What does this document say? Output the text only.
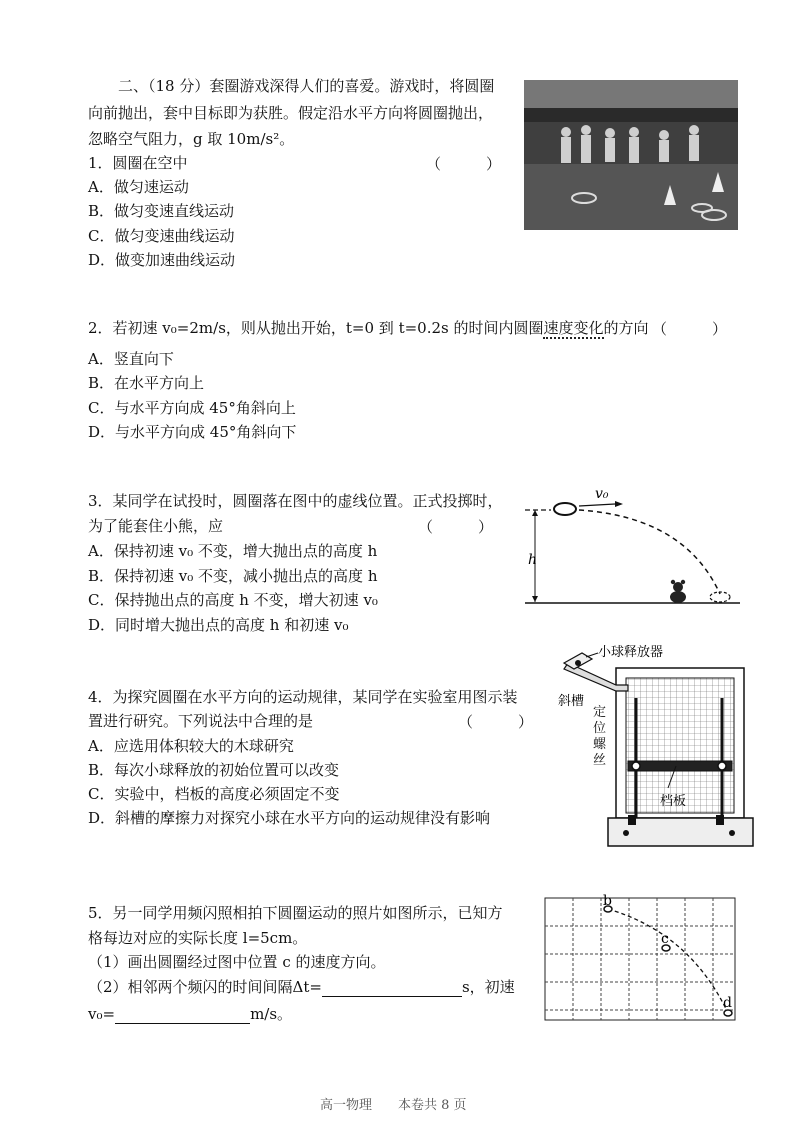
二、（18 分）套圈游戏深得人们的喜爱。游戏时，将圆圈
向前抛出，套中目标即为获胜。假定沿水平方向将圆圈抛出，
忽略空气阻力，g 取 10m/s²。
1．圆圈在空中	（　　　）
A．做匀速运动
B．做匀变速直线运动
C．做匀变速曲线运动
D．做变加速曲线运动
2．若初速 v₀=2m/s，则从抛出开始，t=0 到 t=0.2s 的时间内圆圈速度变化的方向 （　　　）
A．竖直向下
B．在水平方向上
C．与水平方向成 45°角斜向上
D．与水平方向成 45°角斜向下
3．某同学在试投时，圆圈落在图中的虚线位置。正式投掷时，
为了能套住小熊，应	（　　　）
A．保持初速 v₀ 不变，增大抛出点的高度 h
B．保持初速 v₀ 不变，减小抛出点的高度 h
C．保持抛出点的高度 h 不变，增大初速 v₀
D．同时增大抛出点的高度 h 和初速 v₀
v₀
h
4．为探究圆圈在水平方向的运动规律，某同学在实验室用图示装
置进行研究。下列说法中合理的是	（　　　）
A．应选用体积较大的木球研究
B．每次小球释放的初始位置可以改变
C．实验中，档板的高度必须固定不变
D．斜槽的摩擦力对探究小球在水平方向的运动规律没有影响
小球释放器
斜槽
档板
定位螺丝
5．另一同学用频闪照相拍下圆圈运动的照片如图所示，已知方
格每边对应的实际长度 l=5cm。
（1）画出圆圈经过图中位置 c 的速度方向。
（2）相邻两个频闪的时间间隔Δt=	s，初速
v₀=	m/s。
b
c
d
高一物理　　本卷共 8 页
